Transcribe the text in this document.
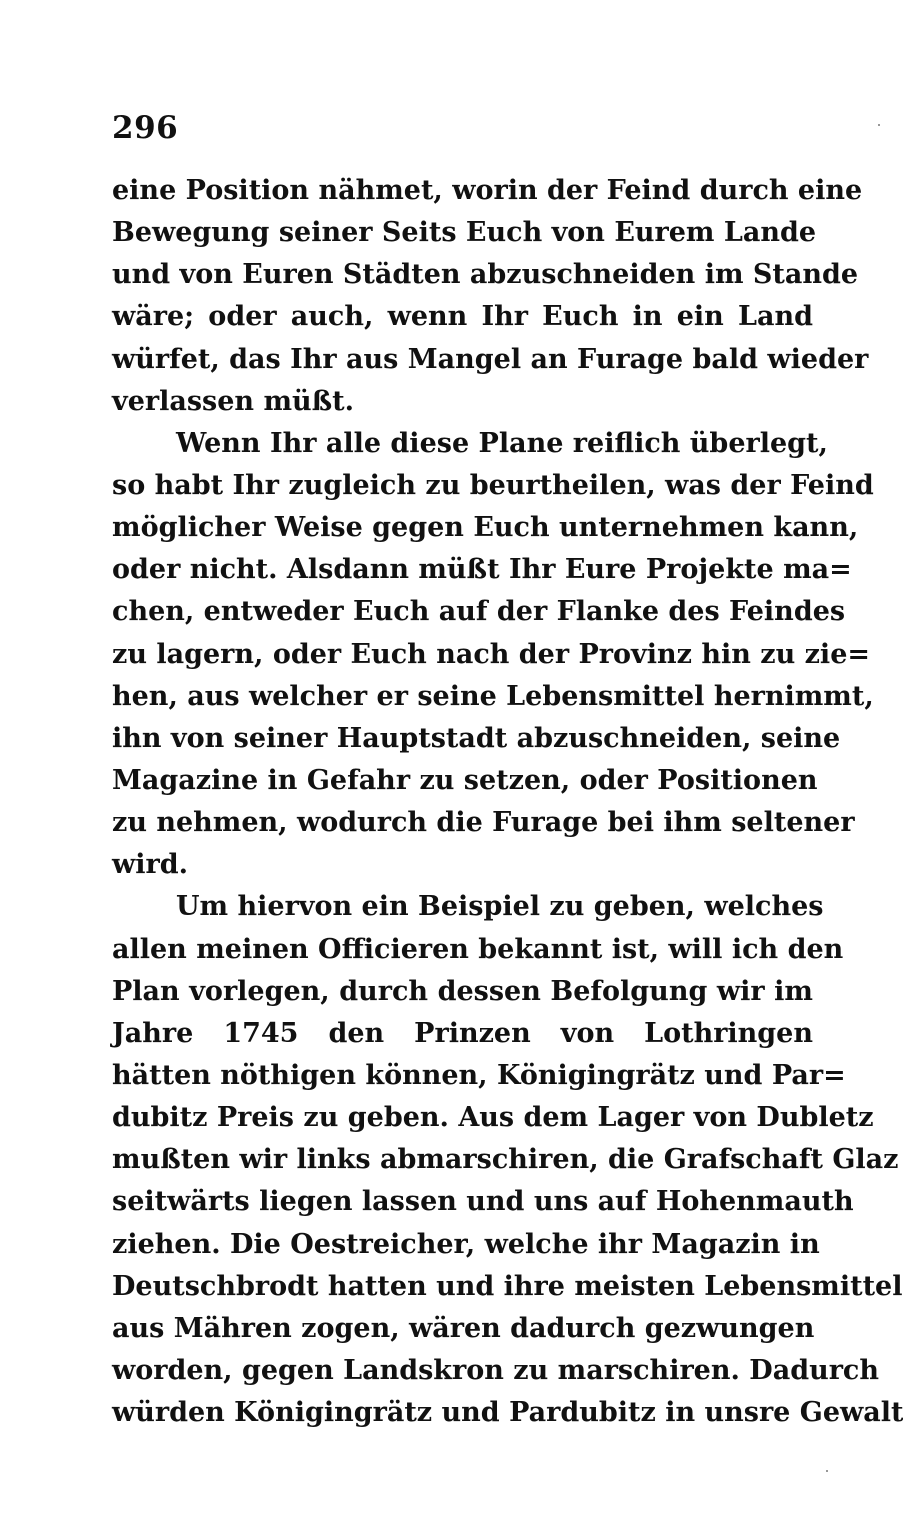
296
eine Position nähmet, worin der Feind durch eine
Bewegung seiner Seits Euch von Eurem Lande
und von Euren Städten abzuschneiden im Stande
wäre; oder auch, wenn Ihr Euch in ein Land
würfet, das Ihr aus Mangel an Furage bald wieder
verlassen müßt.
Wenn Ihr alle diese Plane reiflich überlegt,
so habt Ihr zugleich zu beurtheilen, was der Feind
möglicher Weise gegen Euch unternehmen kann,
oder nicht. Alsdann müßt Ihr Eure Projekte ma=
chen, entweder Euch auf der Flanke des Feindes
zu lagern, oder Euch nach der Provinz hin zu zie=
hen, aus welcher er seine Lebensmittel hernimmt,
ihn von seiner Hauptstadt abzuschneiden, seine
Magazine in Gefahr zu setzen, oder Positionen
zu nehmen, wodurch die Furage bei ihm seltener
wird.
Um hiervon ein Beispiel zu geben, welches
allen meinen Officieren bekannt ist, will ich den
Plan vorlegen, durch dessen Befolgung wir im
Jahre 1745 den Prinzen von Lothringen
hätten nöthigen können, Königingrätz und Par=
dubitz Preis zu geben. Aus dem Lager von Dubletz
mußten wir links abmarschiren, die Grafschaft Glaz
seitwärts liegen lassen und uns auf Hohenmauth
ziehen. Die Oestreicher, welche ihr Magazin in
Deutschbrodt hatten und ihre meisten Lebensmittel
aus Mähren zogen, wären dadurch gezwungen
worden, gegen Landskron zu marschiren. Dadurch
würden Königingrätz und Pardubitz in unsre Gewalt
